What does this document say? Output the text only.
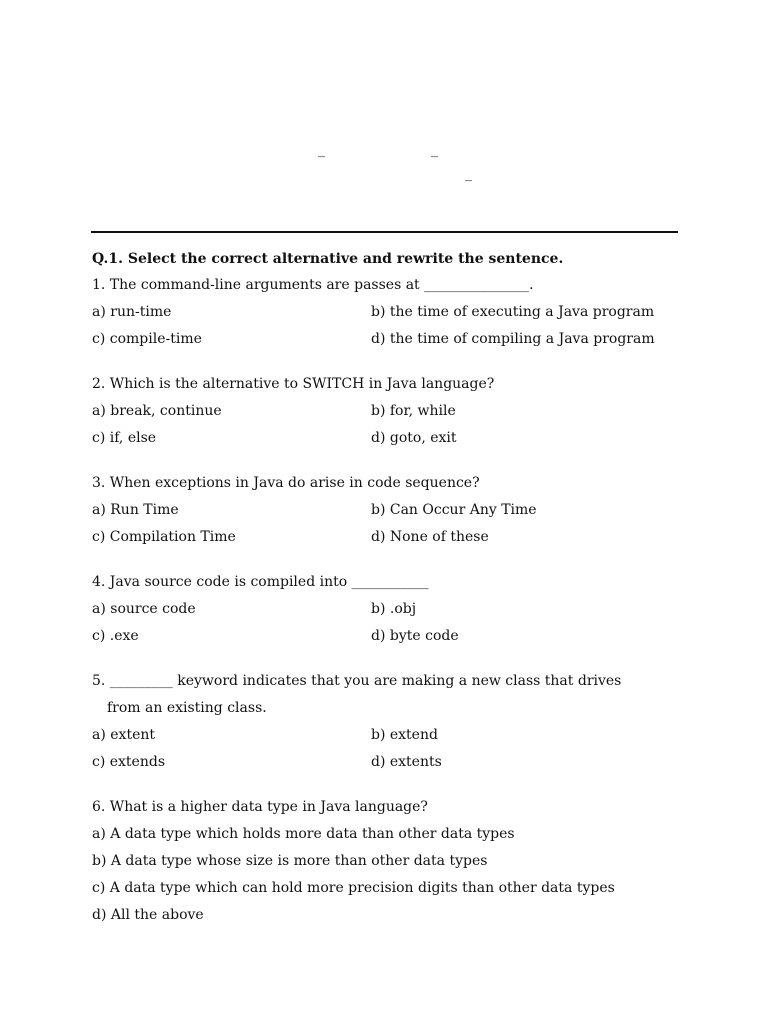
_	_
_

Q.1. Select the correct alternative and rewrite the sentence.

1. The command-line arguments are passes at _______________.
a) run-time	b) the time of executing a Java program
c) compile-time	d) the time of compiling a Java program
2. Which is the alternative to SWITCH in Java language?
a) break, continue	b) for, while
c) if, else	d) goto, exit
3. When exceptions in Java do arise in code sequence?
a) Run Time	b) Can Occur Any Time
c) Compilation Time	d) None of these
4. Java source code is compiled into ___________
a) source code	b) .obj
c) .exe	d) byte code
5. _________ keyword indicates that you are making a new class that drives
from an existing class.
a) extent	b) extend
c) extends	d) extents
6. What is a higher data type in Java language?
a) A data type which holds more data than other data types
b) A data type whose size is more than other data types
c) A data type which can hold more precision digits than other data types
d) All the above
